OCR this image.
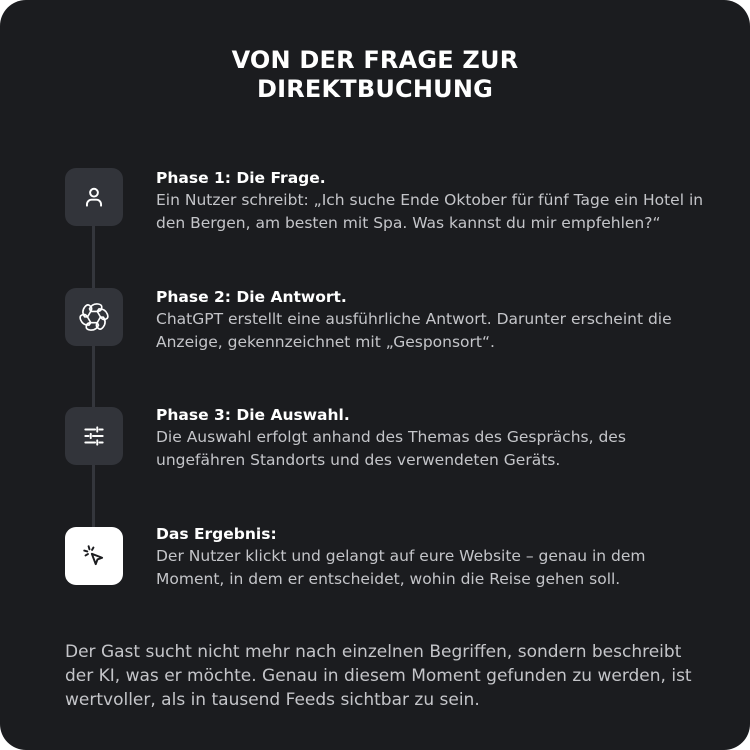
VON DER FRAGE ZUR
DIREKTBUCHUNG
Phase 1: Die Frage.
Ein Nutzer schreibt: „Ich suche Ende Oktober für fünf Tage ein Hotel in den Bergen, am besten mit Spa. Was kannst du mir empfehlen?“
Phase 2: Die Antwort.
ChatGPT erstellt eine ausführliche Antwort. Darunter erscheint die Anzeige, gekennzeichnet mit „Gesponsort“.
Phase 3: Die Auswahl.
Die Auswahl erfolgt anhand des Themas des Gesprächs, des ungefähren Standorts und des verwendeten Geräts.
Das Ergebnis:
Der Nutzer klickt und gelangt auf eure Website – genau in dem Moment, in dem er entscheidet, wohin die Reise gehen soll.

Der Gast sucht nicht mehr nach einzelnen Begriffen, sondern beschreibt der KI, was er möchte. Genau in diesem Moment gefunden zu werden, ist wertvoller, als in tausend Feeds sichtbar zu sein.
